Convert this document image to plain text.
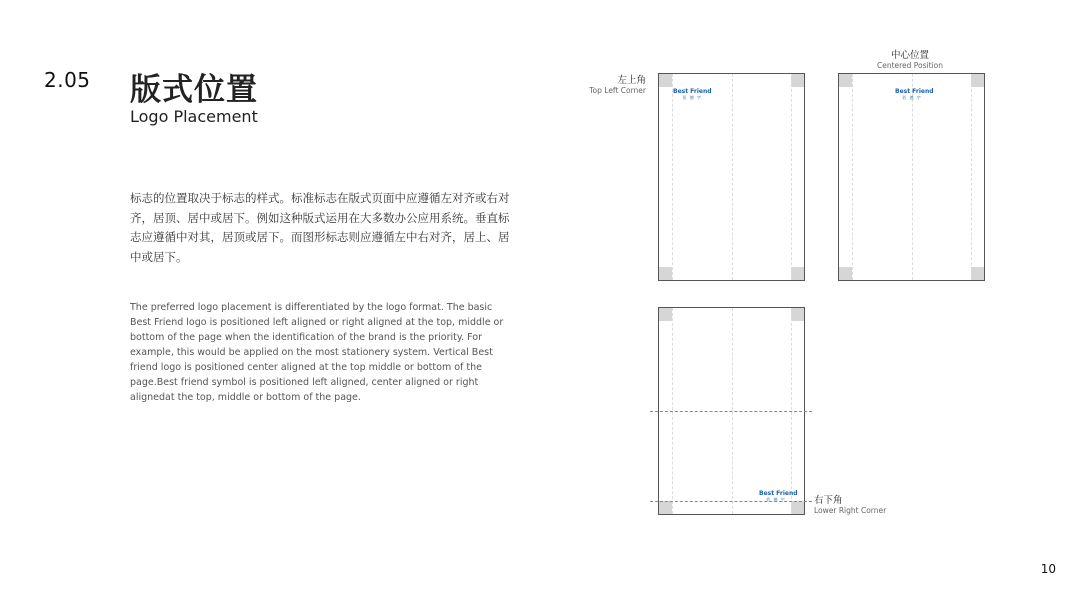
2.05 版式位置
Logo Placement
标志的位置取决于标志的样式。标准标志在版式页面中应遵循左对齐或右对齐，居顶、居中或居下。例如这种版式运用在大多数办公应用系统。垂直标志应遵循中对其，居顶或居下。而图形标志则应遵循左中右对齐，居上、居中或居下。
The preferred logo placement is differentiated by the logo format. The basic Best Friend logo is positioned left aligned or right aligned at the top, middle or bottom of the page when the identification of the brand is the priority. For example, this would be applied on the most stationery system. Vertical Best friend logo is positioned center aligned at the top middle or bottom of the page.Best friend symbol is positioned left aligned, center aligned or right alignedat the top, middle or bottom of the page.
左上角
Top Left Corner	Best Friend
佰 德 宇
中心位置
Centered Position
Best Friend
佰 德 宇
Best Friend
佰 德 宇	右下角
Lower Right Corner
10
